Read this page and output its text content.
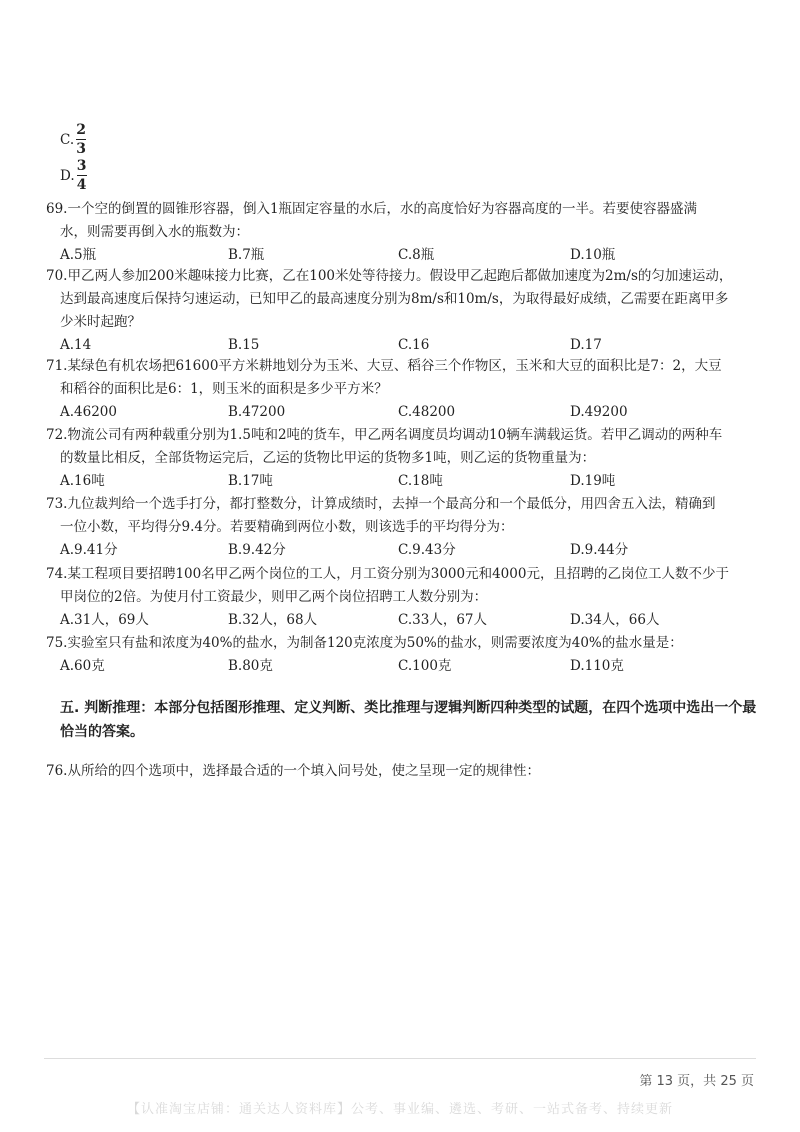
C. $\frac{2}{3}$
D. $\frac{3}{4}$

69.一个空的倒置的圆锥形容器，倒入1瓶固定容量的水后，水的高度恰好为容器高度的一半。若要使容器盛满

水，则需要再倒入水的瓶数为：
A.5瓶	B.7瓶	C.8瓶	D.10瓶

70.甲乙两人参加200米趣味接力比赛，乙在100米处等待接力。假设甲乙起跑后都做加速度为2m/s的匀加速运动，

达到最高速度后保持匀速运动，已知甲乙的最高速度分别为8m/s和10m/s，为取得最好成绩，乙需要在距离甲多
少米时起跑？
A.14	B.15	C.16	D.17

71.某绿色有机农场把61600平方米耕地划分为玉米、大豆、稻谷三个作物区，玉米和大豆的面积比是7：2，大豆

和稻谷的面积比是6：1，则玉米的面积是多少平方米？
A.46200	B.47200	C.48200	D.49200

72.物流公司有两种载重分别为1.5吨和2吨的货车，甲乙两名调度员均调动10辆车满载运货。若甲乙调动的两种车

的数量比相反，全部货物运完后，乙运的货物比甲运的货物多1吨，则乙运的货物重量为：
A.16吨	B.17吨	C.18吨	D.19吨

73.九位裁判给一个选手打分，都打整数分，计算成绩时，去掉一个最高分和一个最低分，用四舍五入法，精确到

一位小数，平均得分9.4分。若要精确到两位小数，则该选手的平均得分为：
A.9.41分	B.9.42分	C.9.43分	D.9.44分

74.某工程项目要招聘100名甲乙两个岗位的工人，月工资分别为3000元和4000元，且招聘的乙岗位工人数不少于

甲岗位的2倍。为使月付工资最少，则甲乙两个岗位招聘工人数分别为：
A.31人，69人	B.32人，68人	C.33人，67人	D.34人，66人

75.实验室只有盐和浓度为40%的盐水，为制备120克浓度为50%的盐水，则需要浓度为40%的盐水量是：

A.60克	B.80克	C.100克	D.110克
五. 判断推理：本部分包括图形推理、定义判断、类比推理与逻辑判断四种类型的试题，在四个选项中选出一个最恰当的答案。

76.从所给的四个选项中，选择最合适的一个填入问号处，使之呈现一定的规律性：

第 13 页，共 25 页
【认准淘宝店铺：通关达人资料库】公考、事业编、遴选、考研、一站式备考、持续更新
